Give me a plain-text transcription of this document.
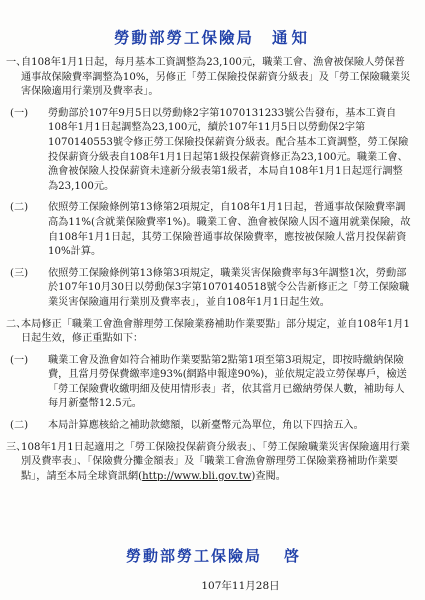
勞動部勞工保險局 通知
一、
自108年1月1日起，每月基本工資調整為23,100元，職業工會、漁會被保險人勞保普通事故保險費率調整為10%，另修正「勞工保險投保薪資分級表」及「勞工保險職業災害保險適用行業別及費率表」。
(一) 勞動部於107年9月5日以勞動條2字第1070131233號公告發布，基本工資自108年1月1日起調整為23,100元，續於107年11月5日以勞動保2字第1070140553號令修正勞工保險投保薪資分級表。配合基本工資調整，勞工保險投保薪資分級表自108年1月1日起第1級投保薪資修正為23,100元。職業工會、漁會被保險人投保薪資未達新分級表第1級者，本局自108年1月1日起逕行調整為23,100元。
(二) 依照勞工保險條例第13條第2項規定，自108年1月1日起，普通事故保險費率調高為11%(含就業保險費率1%)。職業工會、漁會被保險人因不適用就業保險，故自108年1月1日起，其勞工保險普通事故保險費率，應按被保險人當月投保薪資10%計算。
(三) 依照勞工保險條例第13條第3項規定，職業災害保險費率每3年調整1次，勞動部於107年10月30日以勞動保3字第1070140518號令公告新修正之「勞工保險職業災害保險適用行業別及費率表」，並自108年1月1日起生效。
二、
本局修正「職業工會漁會辦理勞工保險業務補助作業要點」部分規定，並自108年1月1日起生效，修正重點如下：
(一) 職業工會及漁會如符合補助作業要點第2點第1項至第3項規定，即按時繳納保險費，且當月勞保費繳率達93%(網路申報達90%)，並依規定設立勞保專戶，檢送「勞工保險費收繳明細及使用情形表」者，依其當月已繳納勞保人數，補助每人每月新臺幣12.5元。
(二) 本局計算應核給之補助款總額，以新臺幣元為單位，角以下四捨五入。
三、
108年1月1日起適用之「勞工保險投保薪資分級表」、「勞工保險職業災害保險適用行業別及費率表」、「保險費分攤金額表」及「職業工會漁會辦理勞工保險業務補助作業要點」，請至本局全球資訊網(http://www.bli.gov.tw)查閱。
勞動部勞工保險局 啓
107年11月28日
